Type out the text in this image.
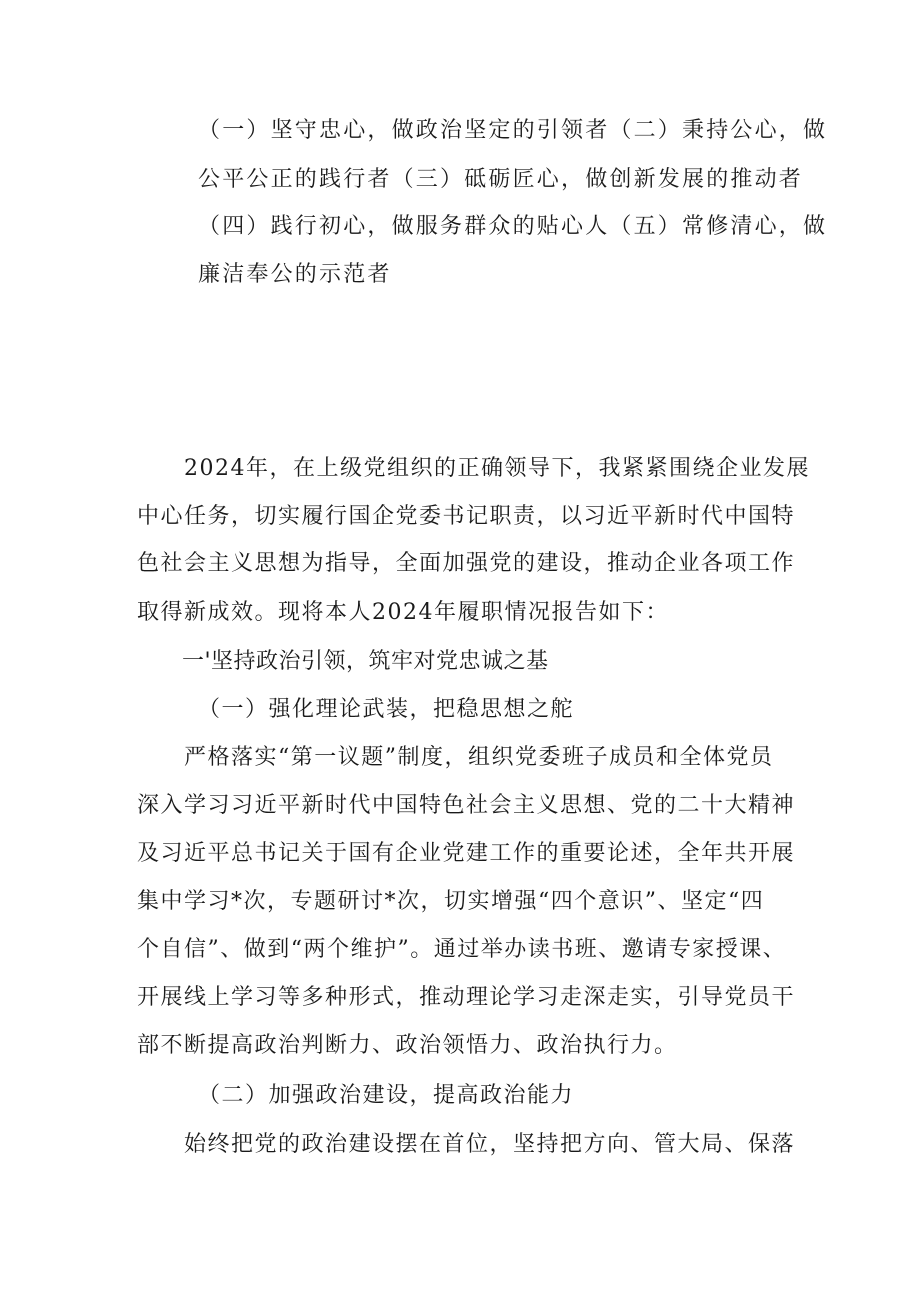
（一）坚守忠心，做政治坚定的引领者（二）秉持公心，做
公平公正的践行者（三）砥砺匠心，做创新发展的推动者
（四）践行初心，做服务群众的贴心人（五）常修清心，做
廉洁奉公的示范者
2024年，在上级党组织的正确领导下，我紧紧围绕企业发展
中心任务，切实履行国企党委书记职责，以习近平新时代中国特
色社会主义思想为指导，全面加强党的建设，推动企业各项工作
取得新成效。现将本人2024年履职情况报告如下：
一'坚持政治引领，筑牢对党忠诚之基
（一）强化理论武装，把稳思想之舵
严格落实“第一议题”制度，组织党委班子成员和全体党员
深入学习习近平新时代中国特色社会主义思想、党的二十大精神
及习近平总书记关于国有企业党建工作的重要论述，全年共开展
集中学习*次，专题研讨*次，切实增强“四个意识”、坚定“四
个自信”、做到“两个维护”。通过举办读书班、邀请专家授课、
开展线上学习等多种形式，推动理论学习走深走实，引导党员干
部不断提高政治判断力、政治领悟力、政治执行力。
（二）加强政治建设，提高政治能力
始终把党的政治建设摆在首位，坚持把方向、管大局、保落
